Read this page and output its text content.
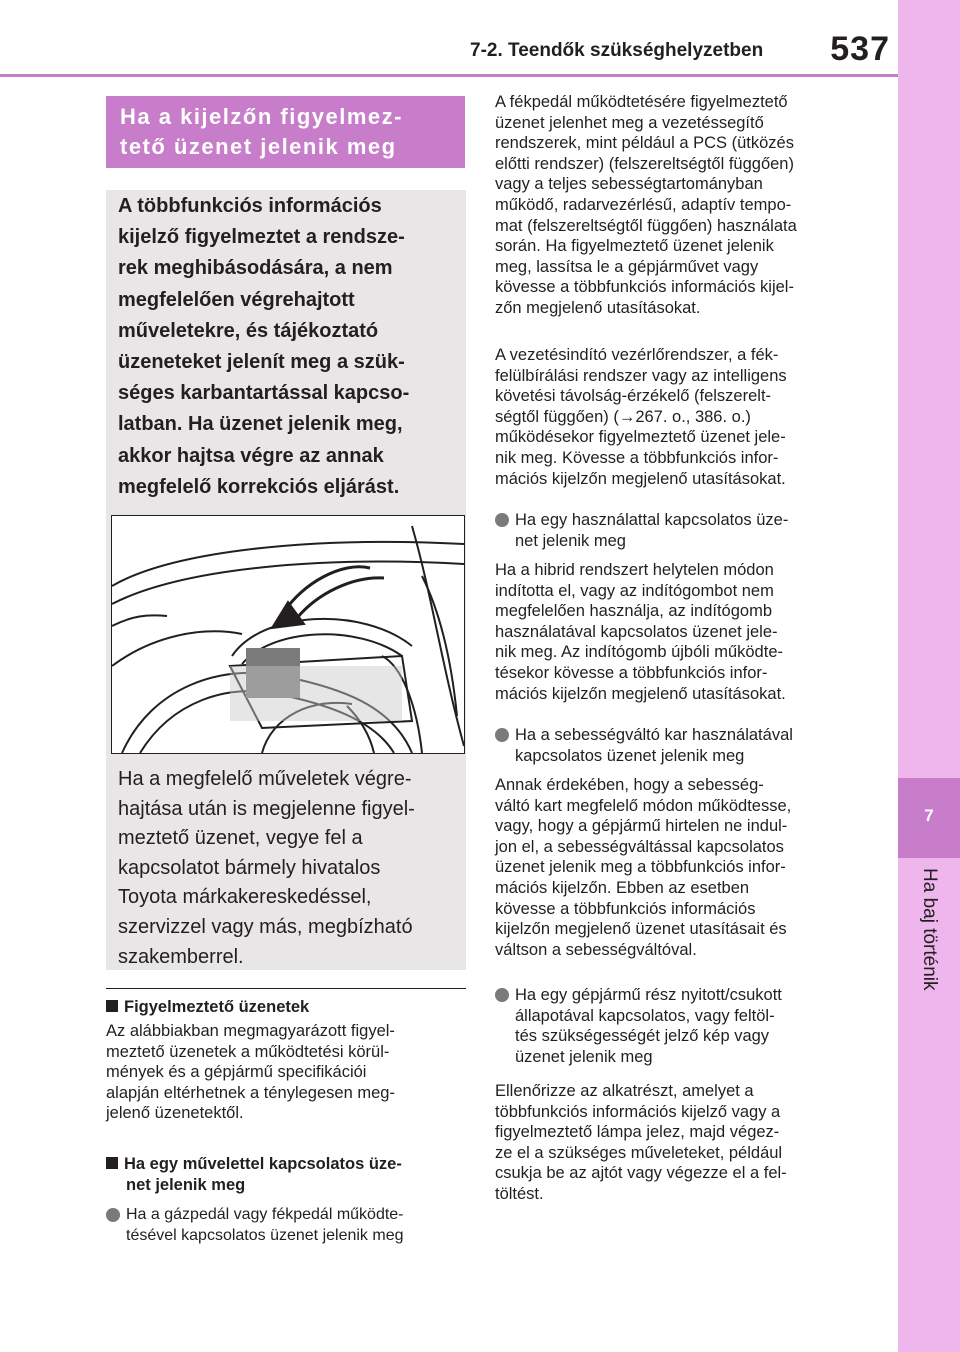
7-2. Teendők szükséghelyzetben	537
7
Ha baj történik
Ha a kijelzőn figyelmez-
tető üzenet jelenik meg
A többfunkciós információs
kijelző figyelmeztet a rendsze-
rek meghibásodására, a nem
megfelelően végrehajtott
műveletekre, és tájékoztató
üzeneteket jelenít meg a szük-
séges karbantartással kapcso-
latban. Ha üzenet jelenik meg,
akkor hajtsa végre az annak
megfelelő korrekciós eljárást.
Ha a megfelelő műveletek végre-
hajtása után is megjelenne figyel-
meztető üzenet, vegye fel a
kapcsolatot bármely hivatalos
Toyota márkakereskedéssel,
szervizzel vagy más, megbízható
szakemberrel.
Figyelmeztető üzenetek
Az alábbiakban megmagyarázott figyel-
meztető üzenetek a működtetési körül-
mények és a gépjármű specifikációi
alapján eltérhetnek a ténylegesen meg-
jelenő üzenetektől.
Ha egy művelettel kapcsolatos üze-
net jelenik meg
Ha a gázpedál vagy fékpedál működte-
tésével kapcsolatos üzenet jelenik meg
A fékpedál működtetésére figyelmeztető
üzenet jelenhet meg a vezetéssegítő
rendszerek, mint például a PCS (ütközés
előtti rendszer) (felszereltségtől függően)
vagy a teljes sebességtartományban
működő, radarvezérlésű, adaptív tempo-
mat (felszereltségtől függően) használata
során. Ha figyelmeztető üzenet jelenik
meg, lassítsa le a gépjárművet vagy
kövesse a többfunkciós információs kijel-
zőn megjelenő utasításokat.
A vezetésindító vezérlőrendszer, a fék-
felülbírálási rendszer vagy az intelligens
követési távolság-érzékelő (felszerelt-
ségtől függően) (→267. o., 386. o.)
működésekor figyelmeztető üzenet jele-
nik meg. Kövesse a többfunkciós infor-
mációs kijelzőn megjelenő utasításokat.
Ha egy használattal kapcsolatos üze-
net jelenik meg
Ha a hibrid rendszert helytelen módon
indította el, vagy az indítógombot nem
megfelelően használja, az indítógomb
használatával kapcsolatos üzenet jele-
nik meg. Az indítógomb újbóli működte-
tésekor kövesse a többfunkciós infor-
mációs kijelzőn megjelenő utasításokat.
Ha a sebességváltó kar használatával
kapcsolatos üzenet jelenik meg
Annak érdekében, hogy a sebesség-
váltó kart megfelelő módon működtesse,
vagy, hogy a gépjármű hirtelen ne indul-
jon el, a sebességváltással kapcsolatos
üzenet jelenik meg a többfunkciós infor-
mációs kijelzőn. Ebben az esetben
kövesse a többfunkciós információs
kijelzőn megjelenő üzenet utasításait és
váltson a sebességváltóval.
Ha egy gépjármű rész nyitott/csukott
állapotával kapcsolatos, vagy feltöl-
tés szükségességét jelző kép vagy
üzenet jelenik meg
Ellenőrizze az alkatrészt, amelyet a
többfunkciós információs kijelző vagy a
figyelmeztető lámpa jelez, majd végez-
ze el a szükséges műveleteket, például
csukja be az ajtót vagy végezze el a fel-
töltést.
